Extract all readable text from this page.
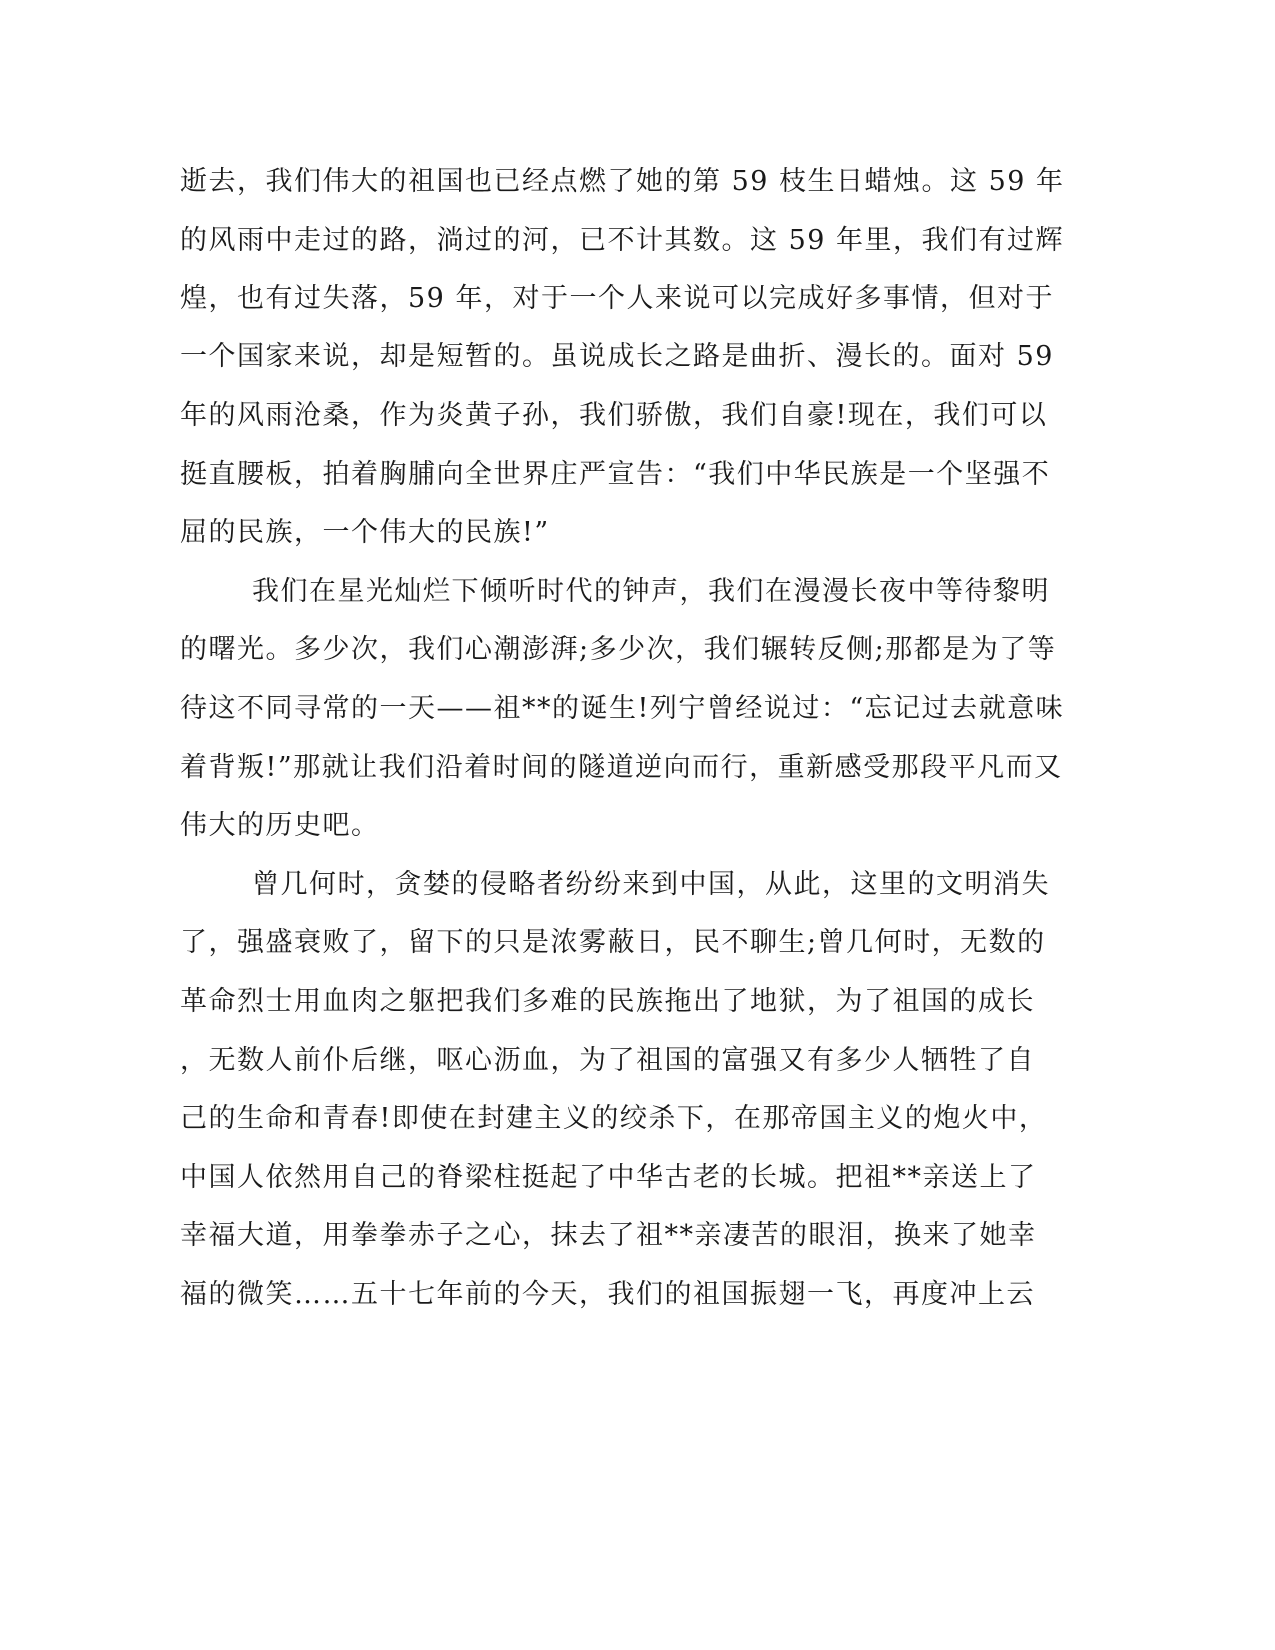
逝去，我们伟大的祖国也已经点燃了她的第 59 枝生日蜡烛。这 59 年
的风雨中走过的路，淌过的河，已不计其数。这 59 年里，我们有过辉
煌，也有过失落，59 年，对于一个人来说可以完成好多事情，但对于
一个国家来说，却是短暂的。虽说成长之路是曲折、漫长的。面对 59
年的风雨沧桑，作为炎黄子孙，我们骄傲，我们自豪!现在，我们可以
挺直腰板，拍着胸脯向全世界庄严宣告：“我们中华民族是一个坚强不
屈的民族，一个伟大的民族!”
我们在星光灿烂下倾听时代的钟声，我们在漫漫长夜中等待黎明
的曙光。多少次，我们心潮澎湃;多少次，我们辗转反侧;那都是为了等
待这不同寻常的一天——祖**的诞生!列宁曾经说过：“忘记过去就意味
着背叛!”那就让我们沿着时间的隧道逆向而行，重新感受那段平凡而又
伟大的历史吧。
曾几何时，贪婪的侵略者纷纷来到中国，从此，这里的文明消失
了，强盛衰败了，留下的只是浓雾蔽日，民不聊生;曾几何时，无数的
革命烈士用血肉之躯把我们多难的民族拖出了地狱，为了祖国的成长
，无数人前仆后继，呕心沥血，为了祖国的富强又有多少人牺牲了自
己的生命和青春!即使在封建主义的绞杀下，在那帝国主义的炮火中，
中国人依然用自己的脊梁柱挺起了中华古老的长城。把祖**亲送上了
幸福大道，用拳拳赤子之心，抹去了祖**亲凄苦的眼泪，换来了她幸
福的微笑……五十七年前的今天，我们的祖国振翅一飞，再度冲上云
